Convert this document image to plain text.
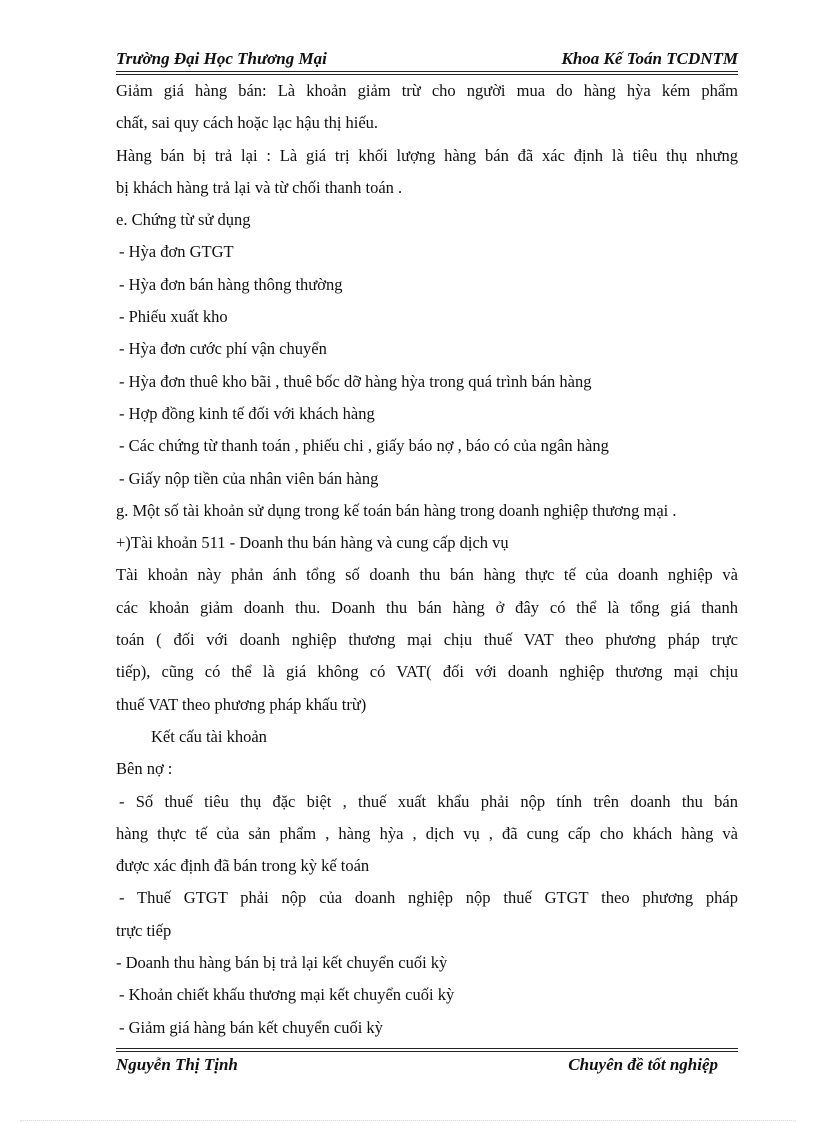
Trường Đại Học Thương Mại	Khoa Kế Toán TCDNTM
Giảm giá hàng bán: Là khoản giảm trừ cho người mua do hàng hỳa kém phẩm
chất, sai quy cách hoặc lạc hậu thị hiếu.
Hàng bán bị trả lại : Là giá trị khối lượng hàng bán đã xác định là tiêu thụ nhưng
bị khách hàng trả lại và từ chối thanh toán .
e. Chứng từ sử dụng
- Hỳa đơn GTGT
- Hỳa đơn bán hàng thông thường
- Phiếu xuất kho
- Hỳa đơn cước phí vận chuyển
- Hỳa đơn thuê kho bãi , thuê bốc dỡ hàng hỳa trong quá trình bán hàng
- Hợp đồng kinh tế đối với khách hàng
- Các chứng từ thanh toán , phiếu chi , giấy báo nợ , báo có của ngân hàng
- Giấy nộp tiền của nhân viên bán hàng
g. Một số tài khoản sử dụng trong kế toán bán hàng trong doanh nghiệp thương mại .
+)Tài khoản 511 - Doanh thu bán hàng và cung cấp dịch vụ
Tài khoản này phản ánh tổng số doanh thu bán hàng thực tế của doanh nghiệp và
các khoản giảm doanh thu. Doanh thu bán hàng ở đây có thể là tổng giá thanh
toán ( đối với doanh nghiệp thương mại chịu thuế VAT theo phương pháp trực
tiếp), cũng có thể là giá không có VAT( đối với doanh nghiệp thương mại chịu
thuế VAT theo phương pháp khấu trừ)
Kết cấu tài khoản
Bên nợ :
- Số thuế tiêu thụ đặc biệt , thuế xuất khẩu phải nộp tính trên doanh thu bán
hàng thực tế của sản phẩm , hàng hỳa , dịch vụ , đã cung cấp cho khách hàng và
được xác định đã bán trong kỳ kế toán
- Thuế GTGT phải nộp của doanh nghiệp nộp thuế GTGT theo phương pháp
trực tiếp
- Doanh thu hàng bán bị trả lại kết chuyển cuối kỳ
- Khoản chiết khấu thương mại kết chuyển cuối kỳ
- Giảm giá hàng bán kết chuyển cuối kỳ
Nguyễn Thị Tịnh	Chuyên đề tốt nghiệp
